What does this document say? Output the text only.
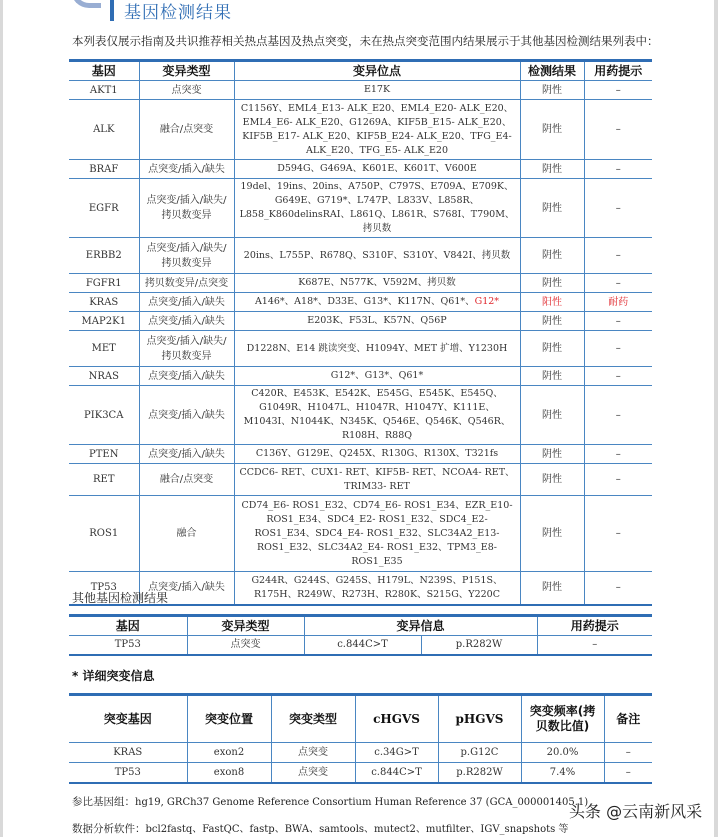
基因检测结果
本列表仅展示指南及共识推荐相关热点基因及热点突变，未在热点突变范围内结果展示于其他基因检测结果列表中：
基因	变异类型	变异位点	检测结果	用药提示
AKT1	点突变	E17K	阴性	–
ALK	融合/点突变	C1156Y、EML4_E13- ALK_E20、EML4_E20- ALK_E20、EML4_E6- ALK_E20、G1269A、KIF5B_E15- ALK_E20、KIF5B_E17- ALK_E20、KIF5B_E24- ALK_E20、TFG_E4- ALK_E20、TFG_E5- ALK_E20	阴性	–
BRAF	点突变/插入/缺失	D594G、G469A、K601E、K601T、V600E	阴性	–
EGFR	点突变/插入/缺失/拷贝数变异	19del、19ins、20ins、A750P、C797S、E709A、E709K、G649E、G719*、L747P、L833V、L858R、L858_K860delinsRAI、L861Q、L861R、S768I、T790M、拷贝数	阴性	–
ERBB2	点突变/插入/缺失/拷贝数变异	20ins、L755P、R678Q、S310F、S310Y、V842I、拷贝数	阴性	–
FGFR1	拷贝数变异/点突变	K687E、N577K、V592M、拷贝数	阴性	–
KRAS	点突变/插入/缺失	A146*、A18*、D33E、G13*、K117N、Q61*、G12*	阳性	耐药
MAP2K1	点突变/插入/缺失	E203K、F53L、K57N、Q56P	阴性	–
MET	点突变/插入/缺失/拷贝数变异	D1228N、E14 跳读突变、H1094Y、MET 扩增、Y1230H	阴性	–
NRAS	点突变/插入/缺失	G12*、G13*、Q61*	阴性	–
PIK3CA	点突变/插入/缺失	C420R、E453K、E542K、E545G、E545K、E545Q、G1049R、H1047L、H1047R、H1047Y、K111E、M1043I、N1044K、N345K、Q546E、Q546K、Q546R、R108H、R88Q	阴性	–
PTEN	点突变/插入/缺失	C136Y、G129E、Q245X、R130G、R130X、T321fs	阴性	–
RET	融合/点突变	CCDC6- RET、CUX1- RET、KIF5B- RET、NCOA4- RET、TRIM33- RET	阴性	–
ROS1	融合	CD74_E6- ROS1_E32、CD74_E6- ROS1_E34、EZR_E10- ROS1_E34、SDC4_E2- ROS1_E32、SDC4_E2- ROS1_E34、SDC4_E4- ROS1_E32、SLC34A2_E13- ROS1_E32、SLC34A2_E4- ROS1_E32、TPM3_E8- ROS1_E35	阴性	–
TP53	点突变/插入/缺失	G244R、G244S、G245S、H179L、N239S、P151S、R175H、R249W、R273H、R280K、S215G、Y220C	阴性	–
其他基因检测结果
基因	变异类型	变异信息		用药提示
TP53	点突变	c.844C>T	p.R282W	–
* 详细突变信息
突变基因	突变位置	突变类型	cHGVS	pHGVS	突变频率(拷贝数比值)	备注
KRAS	exon2	点突变	c.34G>T	p.G12C	20.0%	–
TP53	exon8	点突变	c.844C>T	p.R282W	7.4%	–
参比基因组：hg19, GRCh37 Genome Reference Consortium Human Reference 37 (GCA_000001405.1)
数据分析软件：bcl2fastq、FastQC、fastp、BWA、samtools、mutect2、mutfilter、IGV_snapshots 等
头条 @云南新风采
